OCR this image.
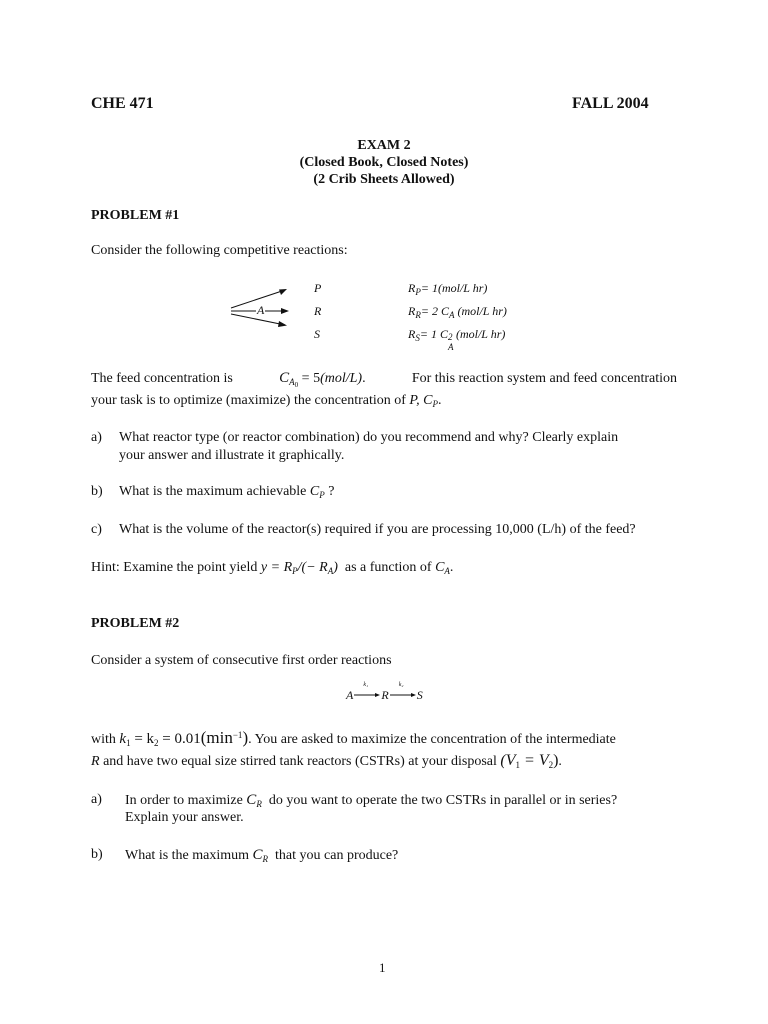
CHE 471	FALL 2004
EXAM 2
(Closed Book, Closed Notes)
(2 Crib Sheets Allowed)
PROBLEM #1
Consider the following competitive reactions:
A
P
R
S
$R_P= 1(mol/L$ hr)
$R_R= 2$ $C_A$ (mol/L hr)
$R_S= 1$ C 2
A
(mol/L hr)
The feed concentration is	$C_{A0} = 5(mol/L)$.	For this reaction system and feed concentration
your task is to optimize (maximize) the concentration of P, $C_P$.
a) What reactor type (or reactor combination) do you recommend and why? Clearly explain
your answer and illustrate it graphically.
b) What is the maximum achievable $C_P$ ?
c) What is the volume of the reactor(s) required if you are processing 10,000 (L/h) of the feed?
Hint: Examine the point yield $y = R_P/(- R_A)$ as a function of $C_A$.
PROBLEM #2
Consider a system of consecutive first order reactions
A
k₁
R
k₂
S
with $k_1 = k_2 = 0.01(\min^{-1})$. You are asked to maximize the concentration of the intermediate
R and have two equal size stirred tank reactors (CSTRs) at your disposal $(V_1 = V_2)$.
a) In order to maximize $C_R$ do you want to operate the two CSTRs in parallel or in series?
Explain your answer.
b) What is the maximum $C_R$ that you can produce?
1
